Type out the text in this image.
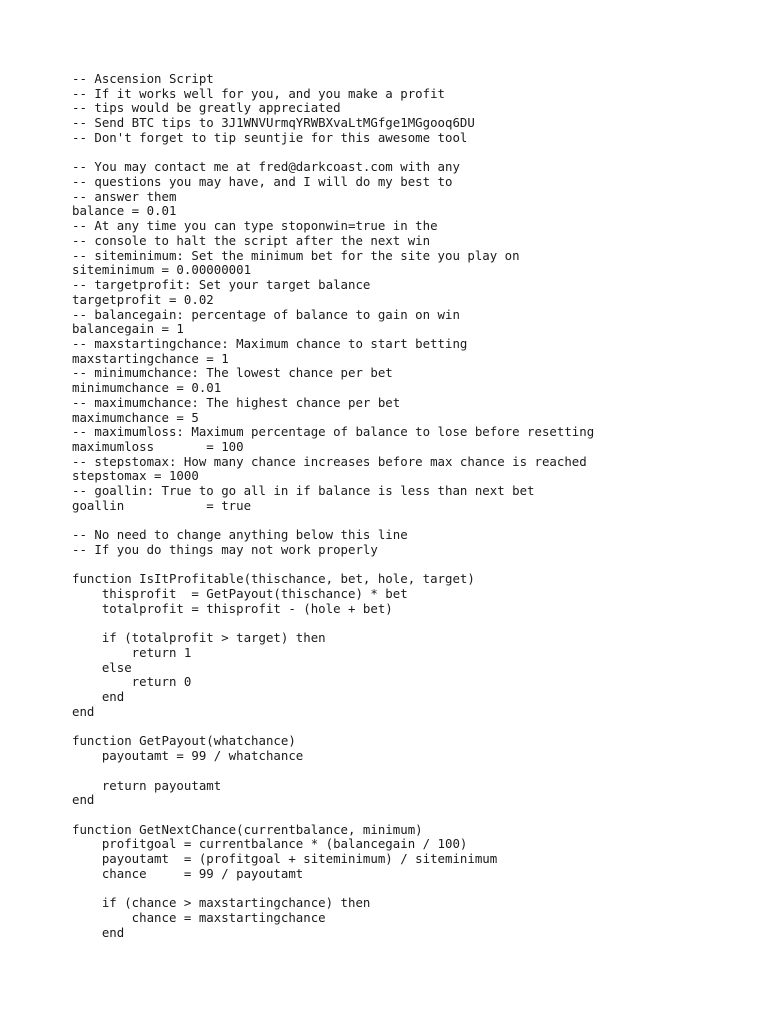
-- Ascension Script
-- If it works well for you, and you make a profit
-- tips would be greatly appreciated
-- Send BTC tips to 3J1WNVUrmqYRWBXvaLtMGfge1MGgooq6DU
-- Don't forget to tip seuntjie for this awesome tool
-- You may contact me at fred@darkcoast.com with any
-- questions you may have, and I will do my best to
-- answer them
balance = 0.01
-- At any time you can type stoponwin=true in the
-- console to halt the script after the next win
-- siteminimum: Set the minimum bet for the site you play on
siteminimum = 0.00000001
-- targetprofit: Set your target balance
targetprofit = 0.02
-- balancegain: percentage of balance to gain on win
balancegain = 1
-- maxstartingchance: Maximum chance to start betting
maxstartingchance = 1
-- minimumchance: The lowest chance per bet
minimumchance = 0.01
-- maximumchance: The highest chance per bet
maximumchance = 5
-- maximumloss: Maximum percentage of balance to lose before resetting
maximumloss       = 100
-- stepstomax: How many chance increases before max chance is reached
stepstomax = 1000
-- goallin: True to go all in if balance is less than next bet
goallin           = true
-- No need to change anything below this line
-- If you do things may not work properly
function IsItProfitable(thischance, bet, hole, target)
thisprofit  = GetPayout(thischance) * bet
totalprofit = thisprofit - (hole + bet)
if (totalprofit > target) then
return 1
else
return 0
end
end
function GetPayout(whatchance)
payoutamt = 99 / whatchance
return payoutamt
end
function GetNextChance(currentbalance, minimum)
profitgoal = currentbalance * (balancegain / 100)
payoutamt  = (profitgoal + siteminimum) / siteminimum
chance     = 99 / payoutamt
if (chance > maxstartingchance) then
chance = maxstartingchance
end
